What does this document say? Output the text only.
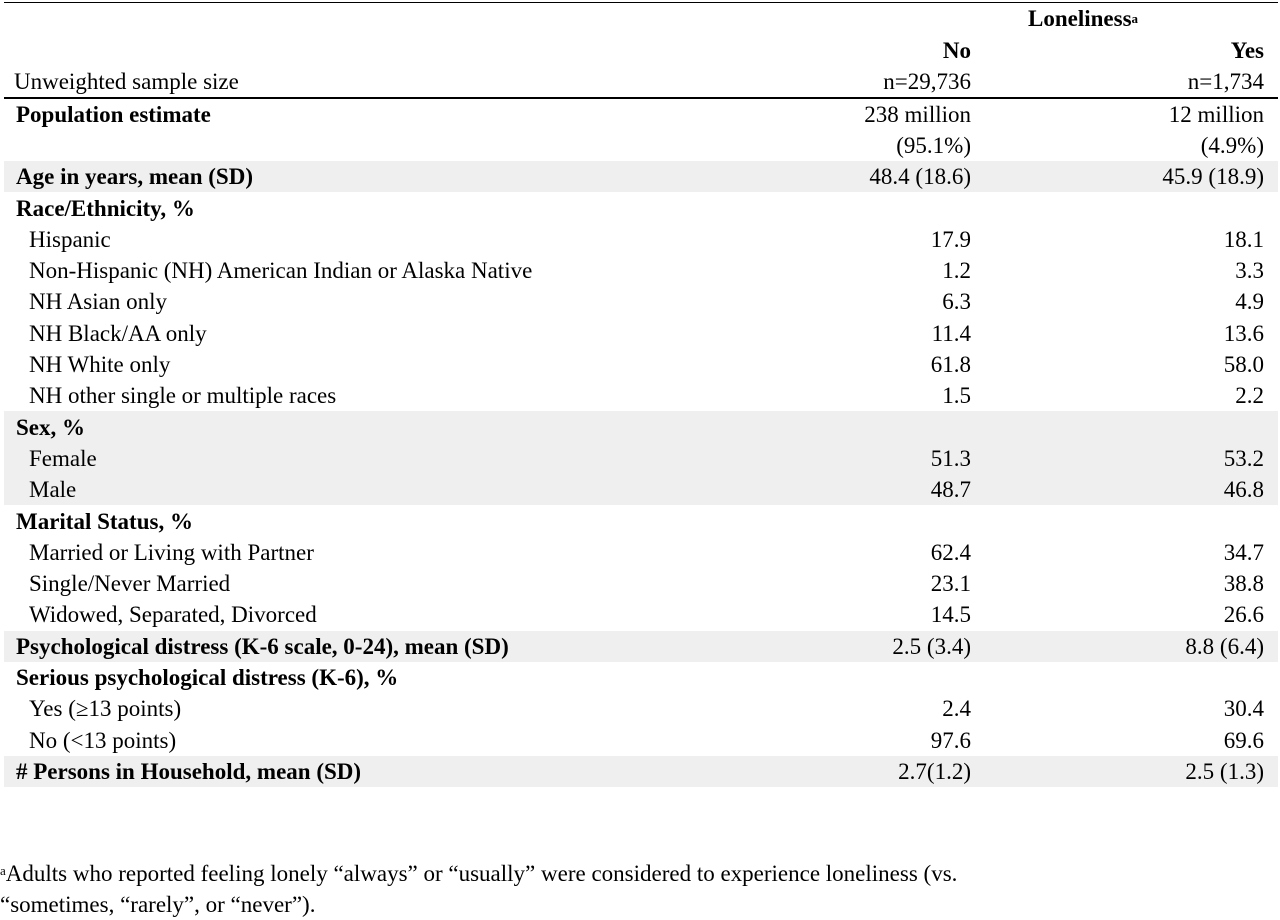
Loneliness a
No	Yes
Unweighted sample size	n=29,736	n=1,734
Population estimate	238 million	12 million
(95.1%)	(4.9%)
Age in years, mean (SD)	48.4 (18.6)	45.9 (18.9)
Race/Ethnicity, %
Hispanic	17.9	18.1
Non-Hispanic (NH) American Indian or Alaska Native	1.2	3.3
NH Asian only	6.3	4.9
NH Black/AA only	11.4	13.6
NH White only	61.8	58.0
NH other single or multiple races	1.5	2.2
Sex, %
Female	51.3	53.2
Male	48.7	46.8
Marital Status, %
Married or Living with Partner	62.4	34.7
Single/Never Married	23.1	38.8
Widowed, Separated, Divorced	14.5	26.6
Psychological distress (K-6 scale, 0-24), mean (SD)	2.5 (3.4)	8.8 (6.4)
Serious psychological distress (K-6), %
Yes (≥13 points)	2.4	30.4
No (<13 points)	97.6	69.6
# Persons in Household, mean (SD)	2.7(1.2)	2.5 (1.3)
$^a$Adults who reported feeling lonely “always” or “usually” were considered to experience loneliness (vs.
“sometimes, “rarely”, or “never”).
